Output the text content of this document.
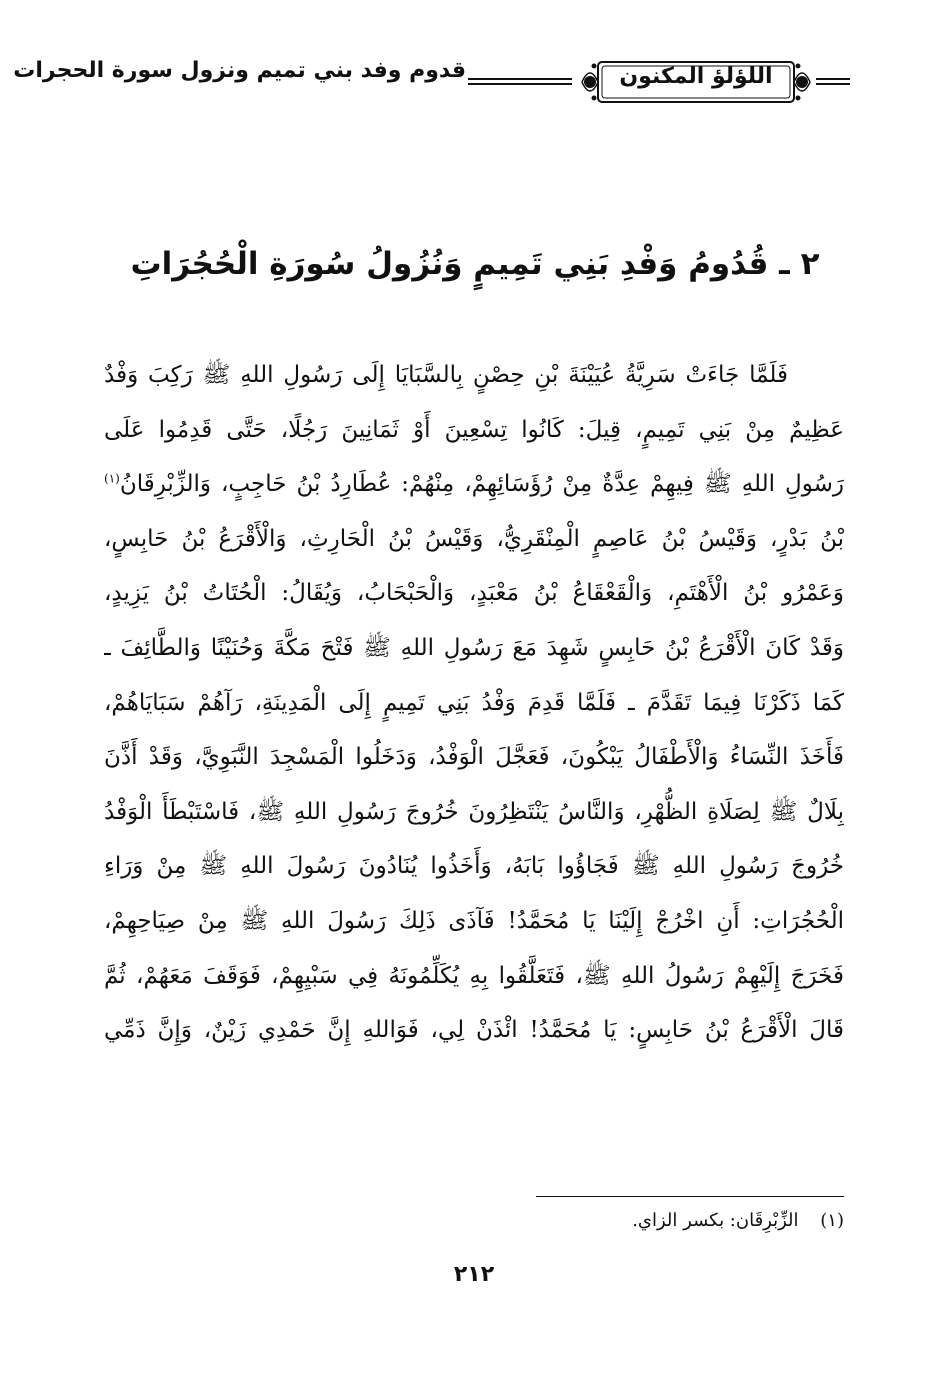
اللؤلؤ المكنون
قدوم وفد بني تميم ونزول سورة الحجرات
٢ ـ قُدُومُ وَفْدِ بَنِي تَمِيمٍ وَنُزُولُ سُورَةِ الْحُجُرَاتِ
فَلَمَّا جَاءَتْ سَرِيَّةُ عُيَيْنَةَ بْنِ حِصْنٍ بِالسَّبَايَا إِلَى رَسُولِ اللهِ ﷺ رَكِبَ وَفْدٌ
عَظِيمٌ مِنْ بَنِي تَمِيمٍ، قِيلَ: كَانُوا تِسْعِينَ أَوْ ثَمَانِينَ رَجُلًا، حَتَّى قَدِمُوا عَلَى
رَسُولِ اللهِ ﷺ فِيهِمْ عِدَّةٌ مِنْ رُؤَسَائِهِمْ، مِنْهُمْ: عُطَارِدُ بْنُ حَاجِبٍ، وَالزِّبْرِقَانُ$^{(١)}$
بْنُ بَدْرٍ، وَقَيْسُ بْنُ عَاصِمٍ الْمِنْقَرِيُّ، وَقَيْسُ بْنُ الْحَارِثِ، وَالْأَقْرَعُ بْنُ حَابِسٍ،
وَعَمْرُو بْنُ الْأَهْتَمِ، وَالْقَعْقَاعُ بْنُ مَعْبَدٍ، وَالْحَبْحَابُ، وَيُقَالُ: الْحُتَاتُ بْنُ يَزِيدٍ،
وَقَدْ كَانَ الْأَقْرَعُ بْنُ حَابِسٍ شَهِدَ مَعَ رَسُولِ اللهِ ﷺ فَتْحَ مَكَّةَ وَحُنَيْنًا وَالطَّائِفَ ـ
كَمَا ذَكَرْنَا فِيمَا تَقَدَّمَ ـ فَلَمَّا قَدِمَ وَفْدُ بَنِي تَمِيمٍ إِلَى الْمَدِينَةِ، رَآهُمْ سَبَايَاهُمْ،
فَأَخَذَ النِّسَاءُ وَالْأَطْفَالُ يَبْكُونَ، فَعَجَّلَ الْوَفْدُ، وَدَخَلُوا الْمَسْجِدَ النَّبَوِيَّ، وَقَدْ أَذَّنَ
بِلَالٌ ﷺ لِصَلَاةِ الظُّهْرِ، وَالنَّاسُ يَنْتَظِرُونَ خُرُوجَ رَسُولِ اللهِ ﷺ، فَاسْتَبْطَأَ الْوَفْدُ
خُرُوجَ رَسُولِ اللهِ ﷺ فَجَاؤُوا بَابَهُ، وَأَخَذُوا يُنَادُونَ رَسُولَ اللهِ ﷺ مِنْ وَرَاءِ
الْحُجُرَاتِ: أَنِ اخْرُجْ إِلَيْنَا يَا مُحَمَّدُ! فَآذَى ذَلِكَ رَسُولَ اللهِ ﷺ مِنْ صِيَاحِهِمْ،
فَخَرَجَ إِلَيْهِمْ رَسُولُ اللهِ ﷺ، فَتَعَلَّقُوا بِهِ يُكَلِّمُونَهُ فِي سَبْيِهِمْ، فَوَقَفَ مَعَهُمْ، ثُمَّ
قَالَ الْأَقْرَعُ بْنُ حَابِسٍ: يَا مُحَمَّدُ! ائْذَنْ لِي، فَوَاللهِ إِنَّ حَمْدِي زَيْنٌ، وَإِنَّ ذَمِّي
(١) الزِّبْرِقَان: بكسر الزاي.
٢١٢
